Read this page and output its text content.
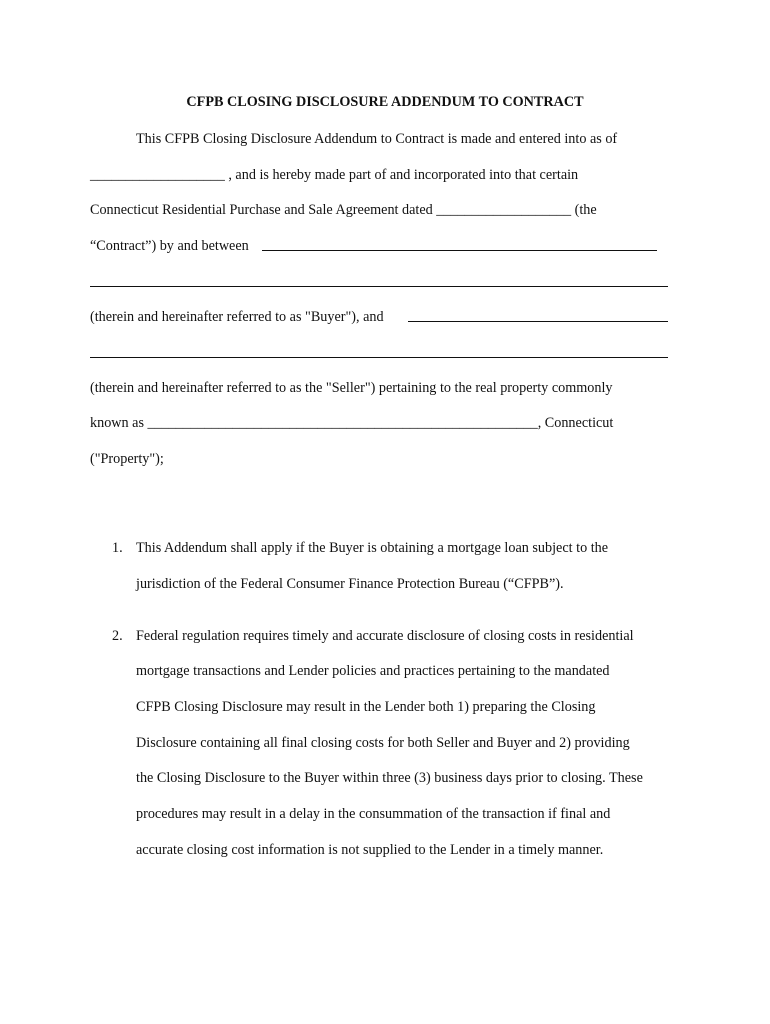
CFPB CLOSING DISCLOSURE ADDENDUM TO CONTRACT
This CFPB Closing Disclosure Addendum to Contract is made and entered into as of
___________________ , and is hereby made part of and incorporated into that certain
Connecticut Residential Purchase and Sale Agreement dated ___________________ (the
“Contract”) by and between
(therein and hereinafter referred to as "Buyer"), and
(therein and hereinafter referred to as the "Seller") pertaining to the real property commonly
known as _______________________________________________________, Connecticut
("Property");
1. This Addendum shall apply if the Buyer is obtaining a mortgage loan subject to the
jurisdiction of the Federal Consumer Finance Protection Bureau (“CFPB”).
2. Federal regulation requires timely and accurate disclosure of closing costs in residential
mortgage transactions and Lender policies and practices pertaining to the mandated
CFPB Closing Disclosure may result in the Lender both 1) preparing the Closing
Disclosure containing all final closing costs for both Seller and Buyer and 2) providing
the Closing Disclosure to the Buyer within three (3) business days prior to closing. These
procedures may result in a delay in the consummation of the transaction if final and
accurate closing cost information is not supplied to the Lender in a timely manner.
